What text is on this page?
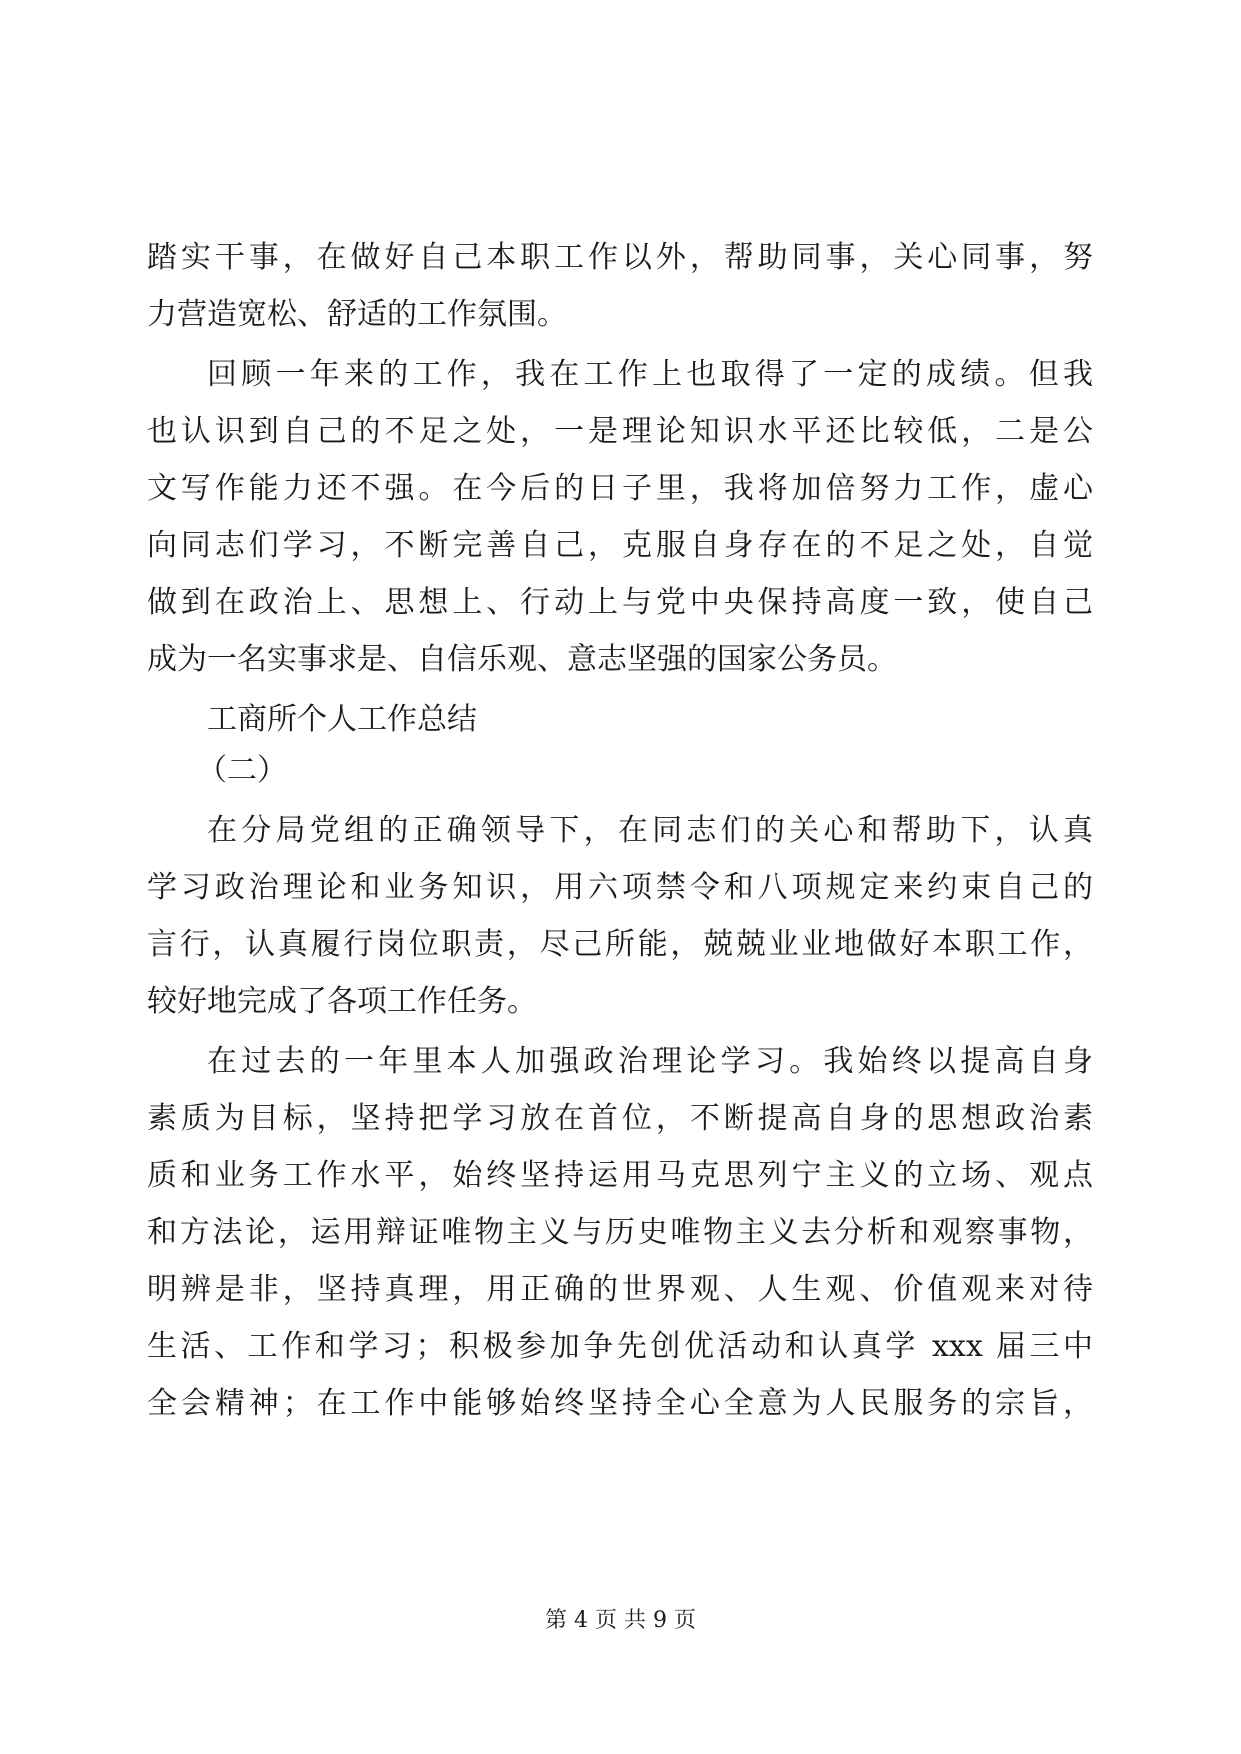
踏实干事，在做好自己本职工作以外，帮助同事，关心同事，努
力营造宽松、舒适的工作氛围。
回顾一年来的工作，我在工作上也取得了一定的成绩。但我
也认识到自己的不足之处，一是理论知识水平还比较低，二是公
文写作能力还不强。在今后的日子里，我将加倍努力工作，虚心
向同志们学习，不断完善自己，克服自身存在的不足之处，自觉
做到在政治上、思想上、行动上与党中央保持高度一致，使自己
成为一名实事求是、自信乐观、意志坚强的国家公务员。
工商所个人工作总结
（二）
在分局党组的正确领导下，在同志们的关心和帮助下，认真
学习政治理论和业务知识，用六项禁令和八项规定来约束自己的
言行，认真履行岗位职责，尽己所能，兢兢业业地做好本职工作，
较好地完成了各项工作任务。
在过去的一年里本人加强政治理论学习。我始终以提高自身
素质为目标，坚持把学习放在首位，不断提高自身的思想政治素
质和业务工作水平，始终坚持运用马克思列宁主义的立场、观点
和方法论，运用辩证唯物主义与历史唯物主义去分析和观察事物，
明辨是非，坚持真理，用正确的世界观、人生观、价值观来对待
生活、工作和学习；积极参加争先创优活动和认真学 xxx 届三中
全会精神；在工作中能够始终坚持全心全意为人民服务的宗旨，
第 4 页 共 9 页
